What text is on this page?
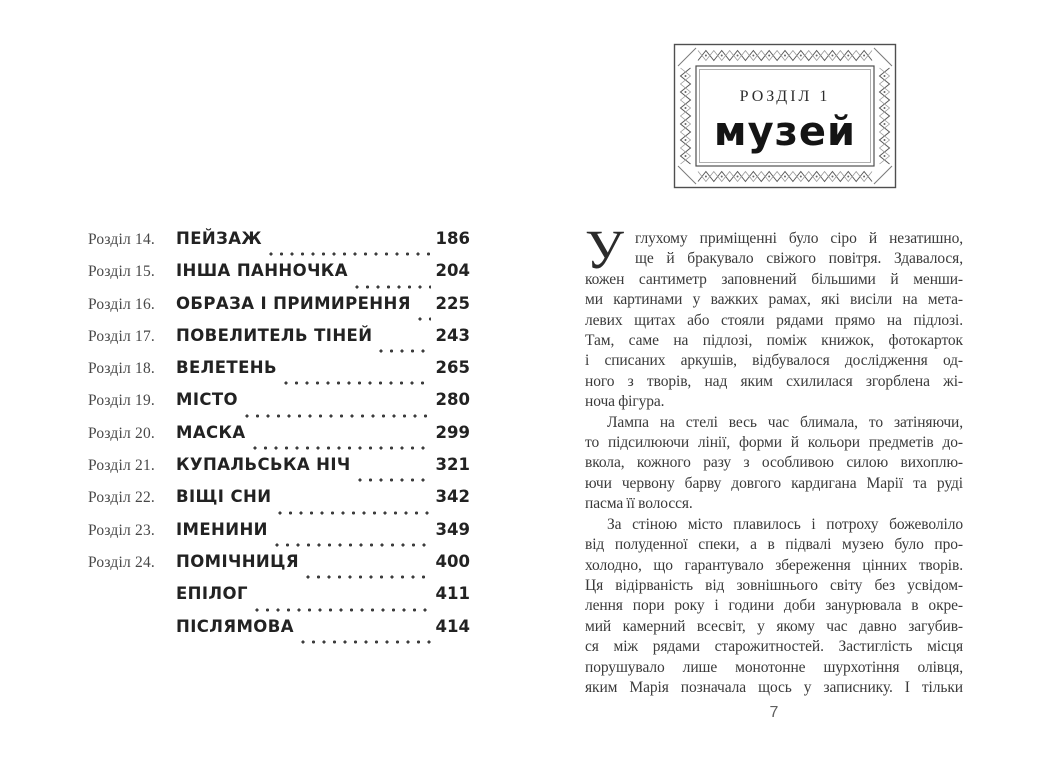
Розділ 14.	ПЕЙЗАЖ	186
Розділ 15.	ІНША ПАННОЧКА	204
Розділ 16.	ОБРАЗА І ПРИМИРЕННЯ 225
Розділ 17.	ПОВЕЛИТЕЛЬ ТІНЕЙ	243
Розділ 18.	ВЕЛЕТЕНЬ	265
Розділ 19.	МІСТО	280
Розділ 20.	МАСКА	299
Розділ 21.	КУПАЛЬСЬКА НІЧ	321
Розділ 22.	ВІЩІ СНИ	342
Розділ 23.	ІМЕНИНИ	349
Розділ 24.	ПОМІЧНИЦЯ	400
ЕПІЛОГ	411
ПІСЛЯМОВА	414
РОЗДІЛ 1
музей
У глухому приміщенні було сіро й незатишно,
ще й бракувало свіжого повітря. Здавалося,
кожен сантиметр заповнений більшими й менши-
ми картинами у важких рамах, які висіли на мета-
левих щитах або стояли рядами прямо на підлозі.
Там, саме на підлозі, поміж книжок, фотокарток
і списаних аркушів, відбувалося дослідження од-
ного з творів, над яким схилилася згорблена жі-
ноча фігура.
Лампа на стелі весь час блимала, то затіняючи,
то підсилюючи лінії, форми й кольори предметів до-
вкола, кожного разу з особливою силою вихоплю-
ючи червону барву довгого кардигана Марії та руді
пасма її волосся.
За стіною місто плавилось і потроху божеволіло
від полуденної спеки, а в підвалі музею було про-
холодно, що гарантувало збереження цінних творів.
Ця відірваність від зовнішнього світу без усвідом-
лення пори року і години доби занурювала в окре-
мий камерний всесвіт, у якому час давно загубив-
ся між рядами старожитностей. Застиглість місця
порушувало лише монотонне шурхотіння олівця,
яким Марія позначала щось у записнику. І тільки
7
